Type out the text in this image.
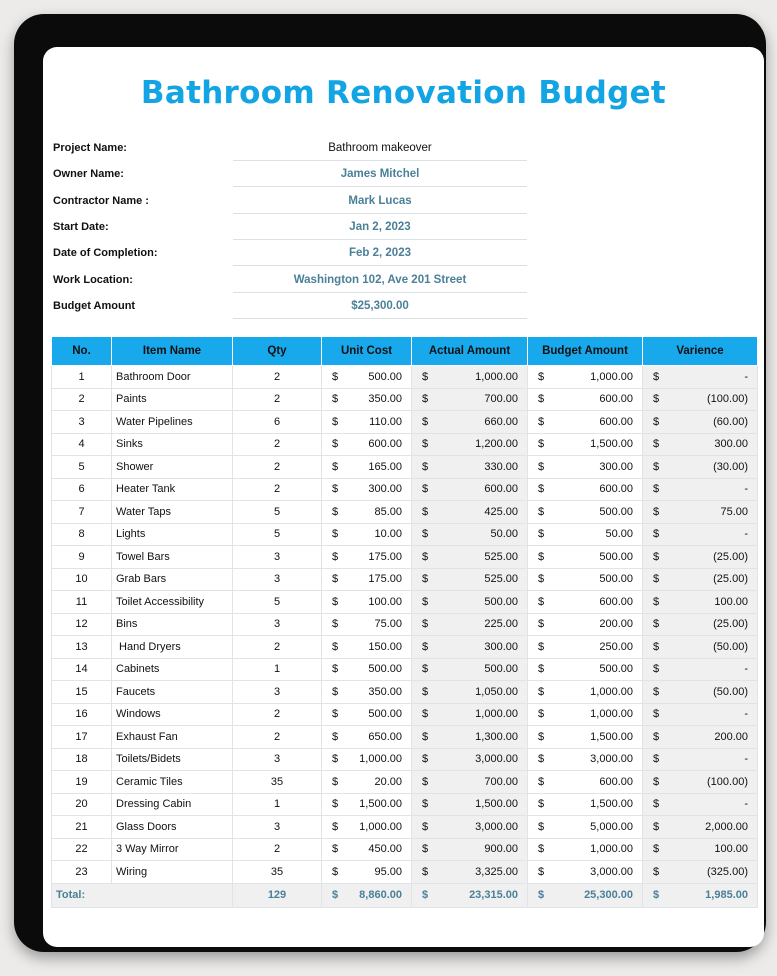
Bathroom Renovation Budget
Project Name:	Bathroom makeover
Owner Name:	James Mitchel
Contractor Name :	Mark Lucas
Start Date:	Jan 2, 2023
Date of Completion:	Feb 2, 2023
Work Location:	Washington 102, Ave 201 Street
Budget Amount	$25,300.00
No.	Item Name	Qty	Unit Cost	Actual Amount	Budget Amount	Varience
1	Bathroom Door	2	$ 500.00	$ 1,000.00	$ 1,000.00	$ -

2	Paints	2	$ 350.00	$ 700.00	$ 600.00	$ (100.00)

3	Water Pipelines	6	$ 110.00	$ 660.00	$ 600.00	$ (60.00)

4	Sinks	2	$ 600.00	$ 1,200.00	$ 1,500.00	$ 300.00

5	Shower	2	$ 165.00	$ 330.00	$ 300.00	$ (30.00)

6	Heater Tank	2	$ 300.00	$ 600.00	$ 600.00	$ -

7	Water Taps	5	$ 85.00	$ 425.00	$ 500.00	$ 75.00

8	Lights	5	$ 10.00	$ 50.00	$ 50.00	$ -

9	Towel Bars	3	$ 175.00	$ 525.00	$ 500.00	$ (25.00)

10	Grab Bars	3	$ 175.00	$ 525.00	$ 500.00	$ (25.00)

11	Toilet Accessibility	5	$ 100.00	$ 500.00	$ 600.00	$ 100.00

12	Bins	3	$ 75.00	$ 225.00	$ 200.00	$ (25.00)

13	Hand Dryers	2	$ 150.00	$ 300.00	$ 250.00	$ (50.00)

14	Cabinets	1	$ 500.00	$ 500.00	$ 500.00	$ -

15	Faucets	3	$ 350.00	$ 1,050.00	$ 1,000.00	$ (50.00)

16	Windows	2	$ 500.00	$ 1,000.00	$ 1,000.00	$ -

17	Exhaust Fan	2	$ 650.00	$ 1,300.00	$ 1,500.00	$ 200.00

18	Toilets/Bidets	3	$ 1,000.00	$ 3,000.00	$ 3,000.00	$ -

19	Ceramic Tiles	35	$ 20.00	$ 700.00	$ 600.00	$ (100.00)

20	Dressing Cabin	1	$ 1,500.00	$ 1,500.00	$ 1,500.00	$ -

21	Glass Doors	3	$ 1,000.00	$ 3,000.00	$ 5,000.00	$ 2,000.00

22	3 Way Mirror	2	$ 450.00	$ 900.00	$ 1,000.00	$ 100.00

23	Wiring	35	$ 95.00	$ 3,325.00	$ 3,000.00	$ (325.00)

Total:		129	$ 8,860.00	$ 23,315.00	$ 25,300.00	$ 1,985.00
